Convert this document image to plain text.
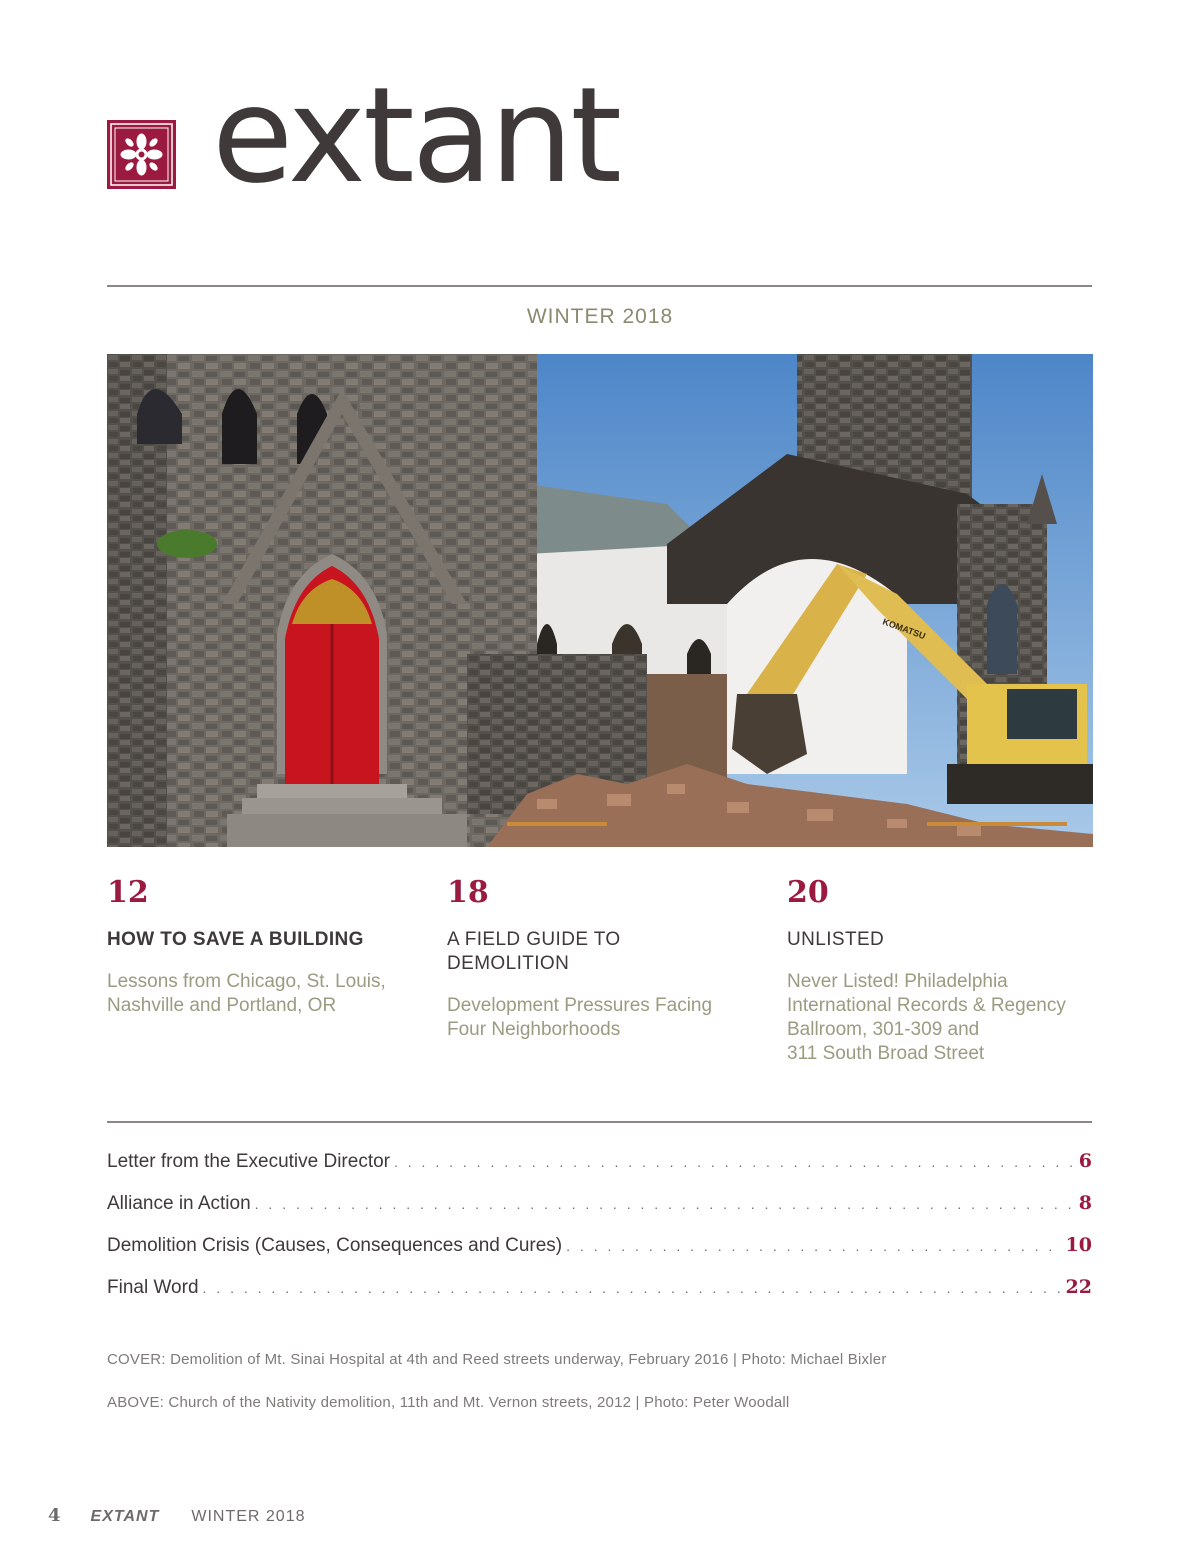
extant
WINTER 2018
KOMATSU
12

HOW TO SAVE A BUILDING

Lessons from Chicago, St. Louis,
Nashville and Portland, OR
18

A FIELD GUIDE TO
DEMOLITION

Development Pressures Facing
Four Neighborhoods
20

UNLISTED

Never Listed! Philadelphia
International Records & Regency
Ballroom, 301-309 and
311 South Broad Street
Letter from the Executive Director . . .	6
Alliance in Action . . .	8
Demolition Crisis (Causes, Consequences and Cures) . . .	10
Final Word . . .	22
COVER: Demolition of Mt. Sinai Hospital at 4th and Reed streets underway, February 2016 | Photo: Michael Bixler
ABOVE: Church of the Nativity demolition, 11th and Mt. Vernon streets, 2012 | Photo: Peter Woodall
4 EXTANT WINTER 2018
